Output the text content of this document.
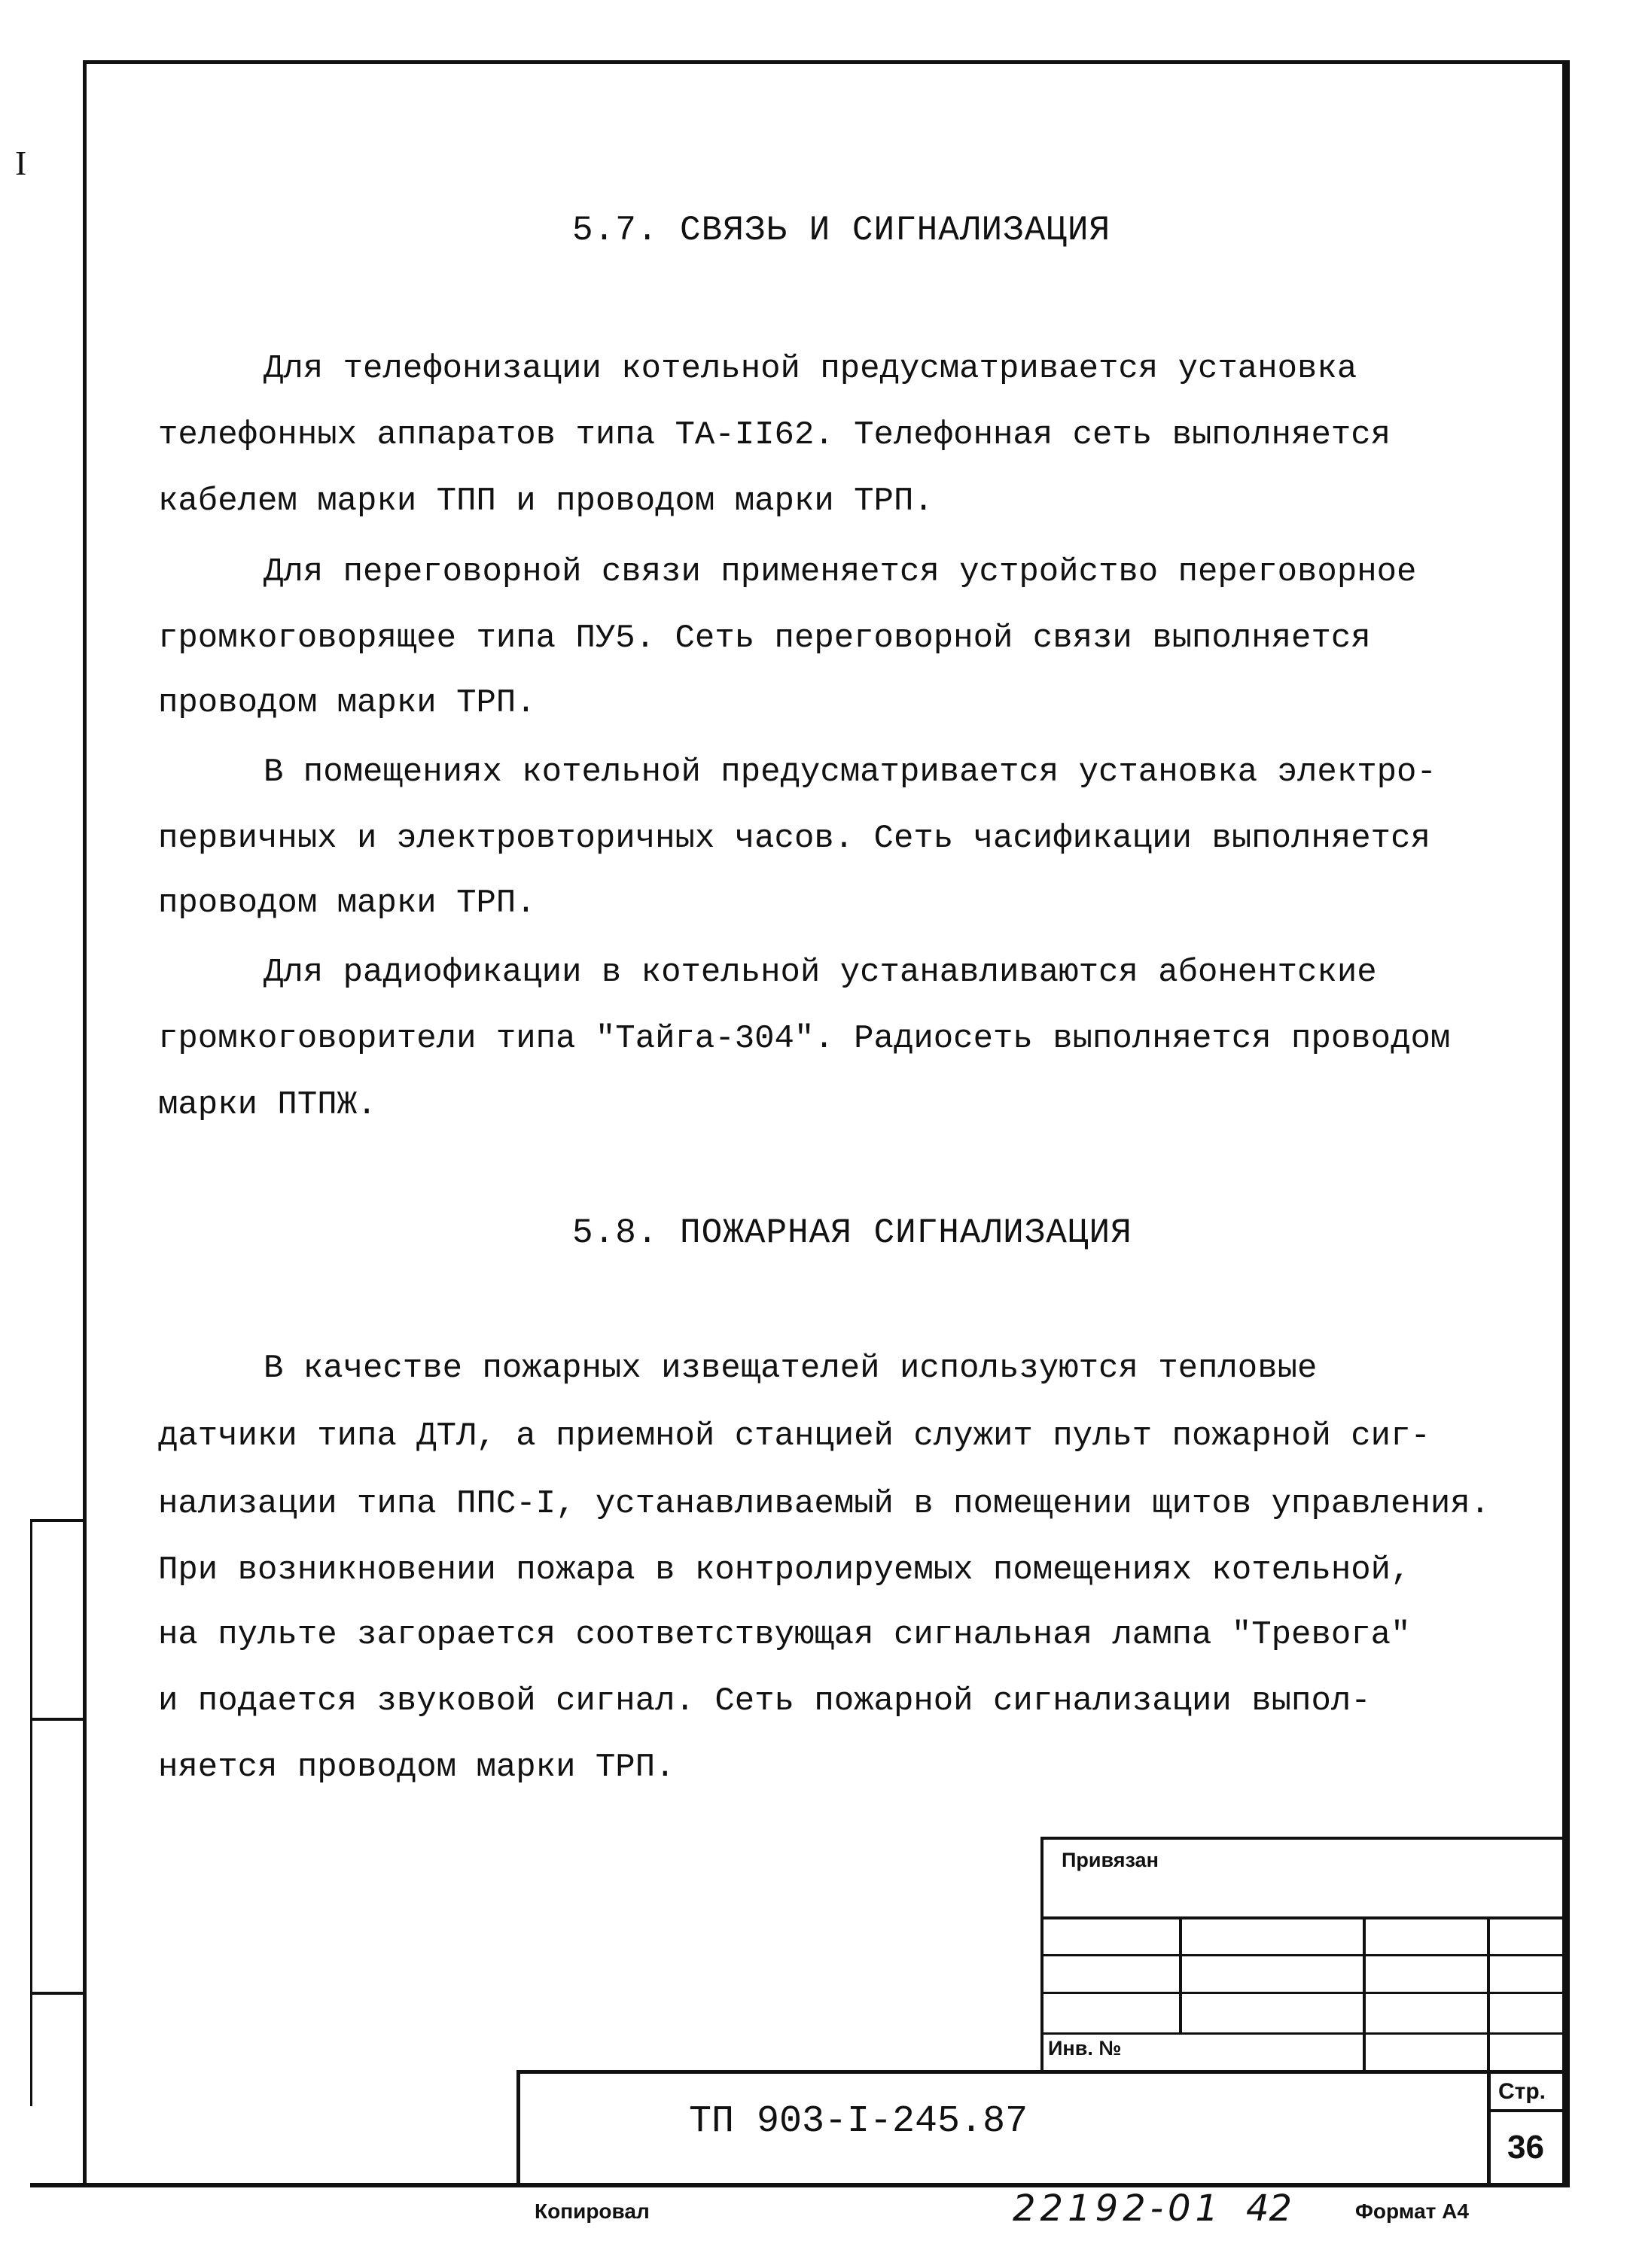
I
5.7. СВЯЗЬ И СИГНАЛИЗАЦИЯ
Для телефонизации котельной предусматривается установка
телефонных аппаратов типа ТА-II62. Телефонная сеть выполняется
кабелем марки ТПП и проводом марки ТРП.
Для переговорной связи применяется устройство переговорное
громкоговорящее типа ПУ5. Сеть переговорной связи выполняется
проводом марки ТРП.
В помещениях котельной предусматривается установка электро-
первичных и электровторичных часов. Сеть часификации выполняется
проводом марки ТРП.
Для радиофикации в котельной устанавливаются абонентские
громкоговорители типа "Тайга-304". Радиосеть выполняется проводом
марки ПТПЖ.
5.8. ПОЖАРНАЯ СИГНАЛИЗАЦИЯ
В качестве пожарных извещателей используются тепловые
датчики типа ДТЛ, а приемной станцией служит пульт пожарной сиг-
нализации типа ППС-I, устанавливаемый в помещении щитов управления.
При возникновении пожара в контролируемых помещениях котельной,
на пульте загорается соответствующая сигнальная лампа "Тревога"
и подается звуковой сигнал. Сеть пожарной сигнализации выпол-
няется проводом марки ТРП.
Привязан
Инв. №
ТП 903-I-245.87
Стр.
36
Копировал	22192-01 42	Формат А4
